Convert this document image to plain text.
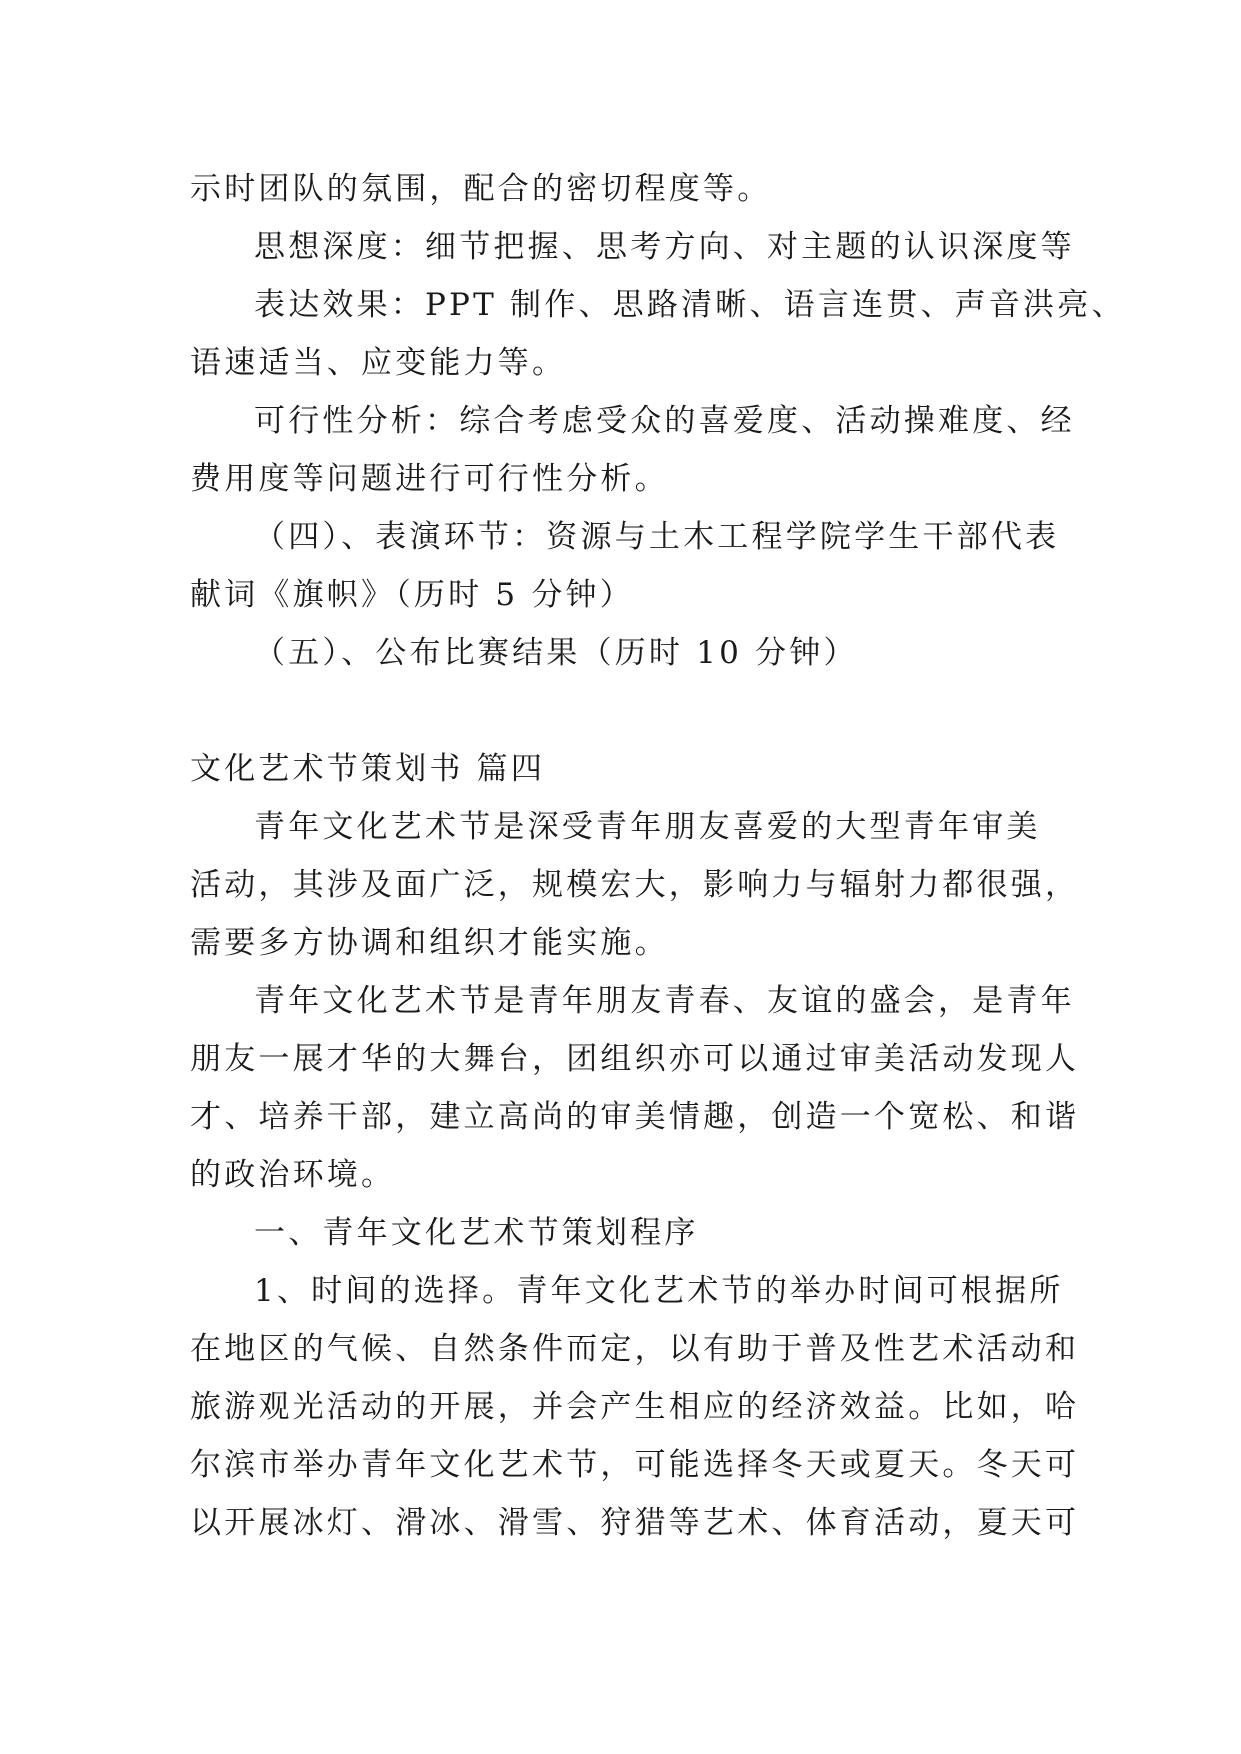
示时团队的氛围，配合的密切程度等。
思想深度：细节把握、思考方向、对主题的认识深度等
表达效果：PPT 制作、思路清晰、语言连贯、声音洪亮、
语速适当、应变能力等。
可行性分析：综合考虑受众的喜爱度、活动操难度、经
费用度等问题进行可行性分析。
（四）、表演环节：资源与土木工程学院学生干部代表
献词《旗帜》（历时 5 分钟）
（五）、公布比赛结果（历时 10 分钟）
文化艺术节策划书 篇四
青年文化艺术节是深受青年朋友喜爱的大型青年审美
活动，其涉及面广泛，规模宏大，影响力与辐射力都很强，
需要多方协调和组织才能实施。
青年文化艺术节是青年朋友青春、友谊的盛会，是青年
朋友一展才华的大舞台，团组织亦可以通过审美活动发现人
才、培养干部，建立高尚的审美情趣，创造一个宽松、和谐
的政治环境。
一、青年文化艺术节策划程序
1、时间的选择。青年文化艺术节的举办时间可根据所
在地区的气候、自然条件而定，以有助于普及性艺术活动和
旅游观光活动的开展，并会产生相应的经济效益。比如，哈
尔滨市举办青年文化艺术节，可能选择冬天或夏天。冬天可
以开展冰灯、滑冰、滑雪、狩猎等艺术、体育活动，夏天可
